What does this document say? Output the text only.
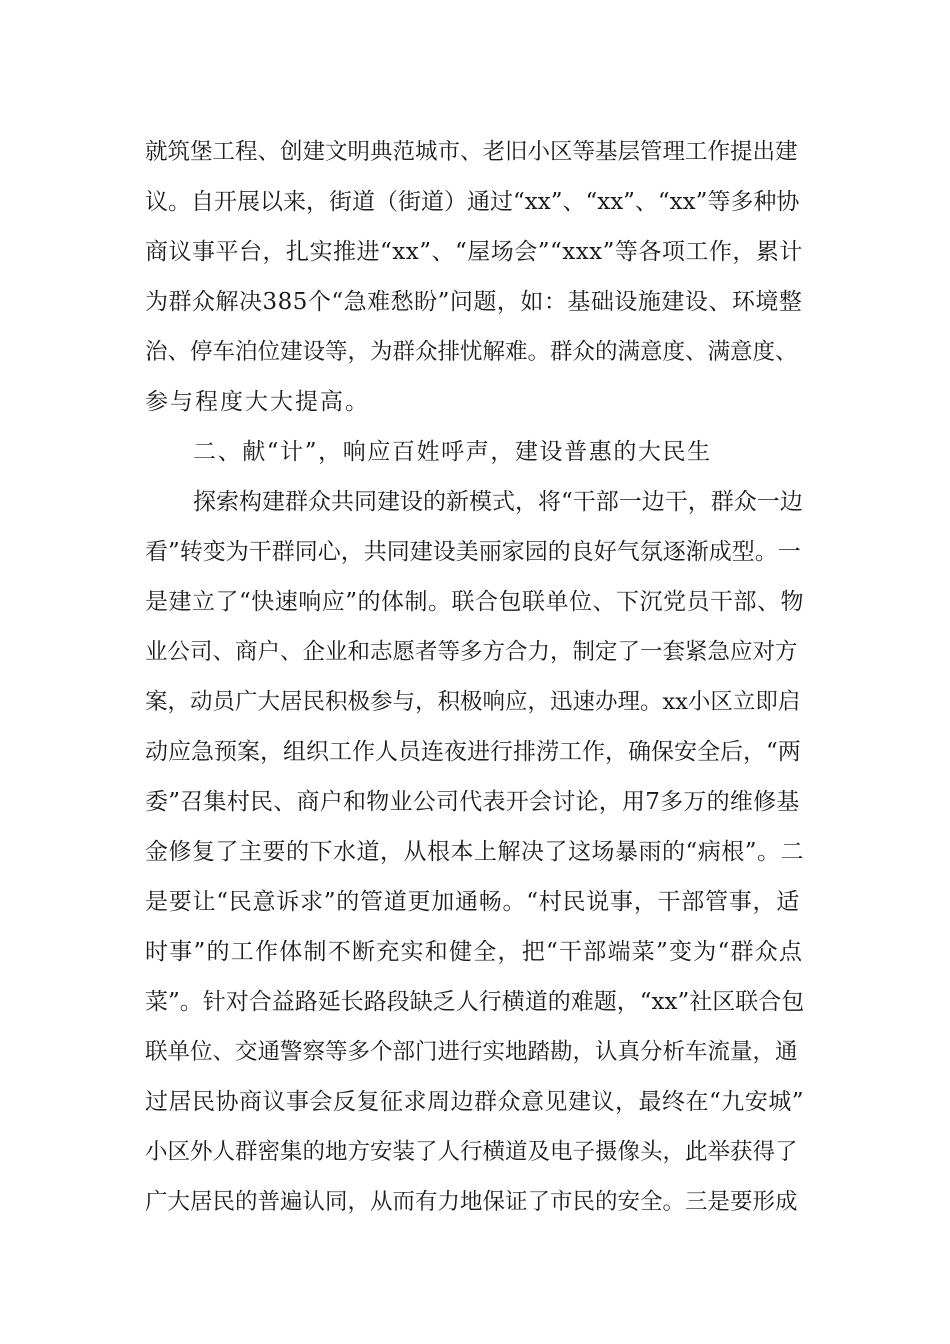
就筑堡工程、创建文明典范城市、老旧小区等基层管理工作提出建
议。自开展以来，街道（街道）通过“xx”、“xx”、“xx”等多种协
商议事平台，扎实推进“xx”、“屋场会”“xxx”等各项工作，累计
为群众解决385个“急难愁盼”问题，如：基础设施建设、环境整
治、停车泊位建设等，为群众排忧解难。群众的满意度、满意度、
参与程度大大提高。
二、献“计”，响应百姓呼声，建设普惠的大民生
探索构建群众共同建设的新模式，将“干部一边干，群众一边
看”转变为干群同心，共同建设美丽家园的良好气氛逐渐成型。一
是建立了“快速响应”的体制。联合包联单位、下沉党员干部、物
业公司、商户、企业和志愿者等多方合力，制定了一套紧急应对方
案，动员广大居民积极参与，积极响应，迅速办理。xx小区立即启
动应急预案，组织工作人员连夜进行排涝工作，确保安全后，“两
委”召集村民、商户和物业公司代表开会讨论，用7多万的维修基
金修复了主要的下水道，从根本上解决了这场暴雨的“病根”。二
是要让“民意诉求”的管道更加通畅。“村民说事，干部管事，适
时事”的工作体制不断充实和健全，把“干部端菜”变为“群众点
菜”。针对合益路延长路段缺乏人行横道的难题，“xx”社区联合包
联单位、交通警察等多个部门进行实地踏勘，认真分析车流量，通
过居民协商议事会反复征求周边群众意见建议，最终在“九安城”
小区外人群密集的地方安装了人行横道及电子摄像头，此举获得了
广大居民的普遍认同，从而有力地保证了市民的安全。三是要形成
